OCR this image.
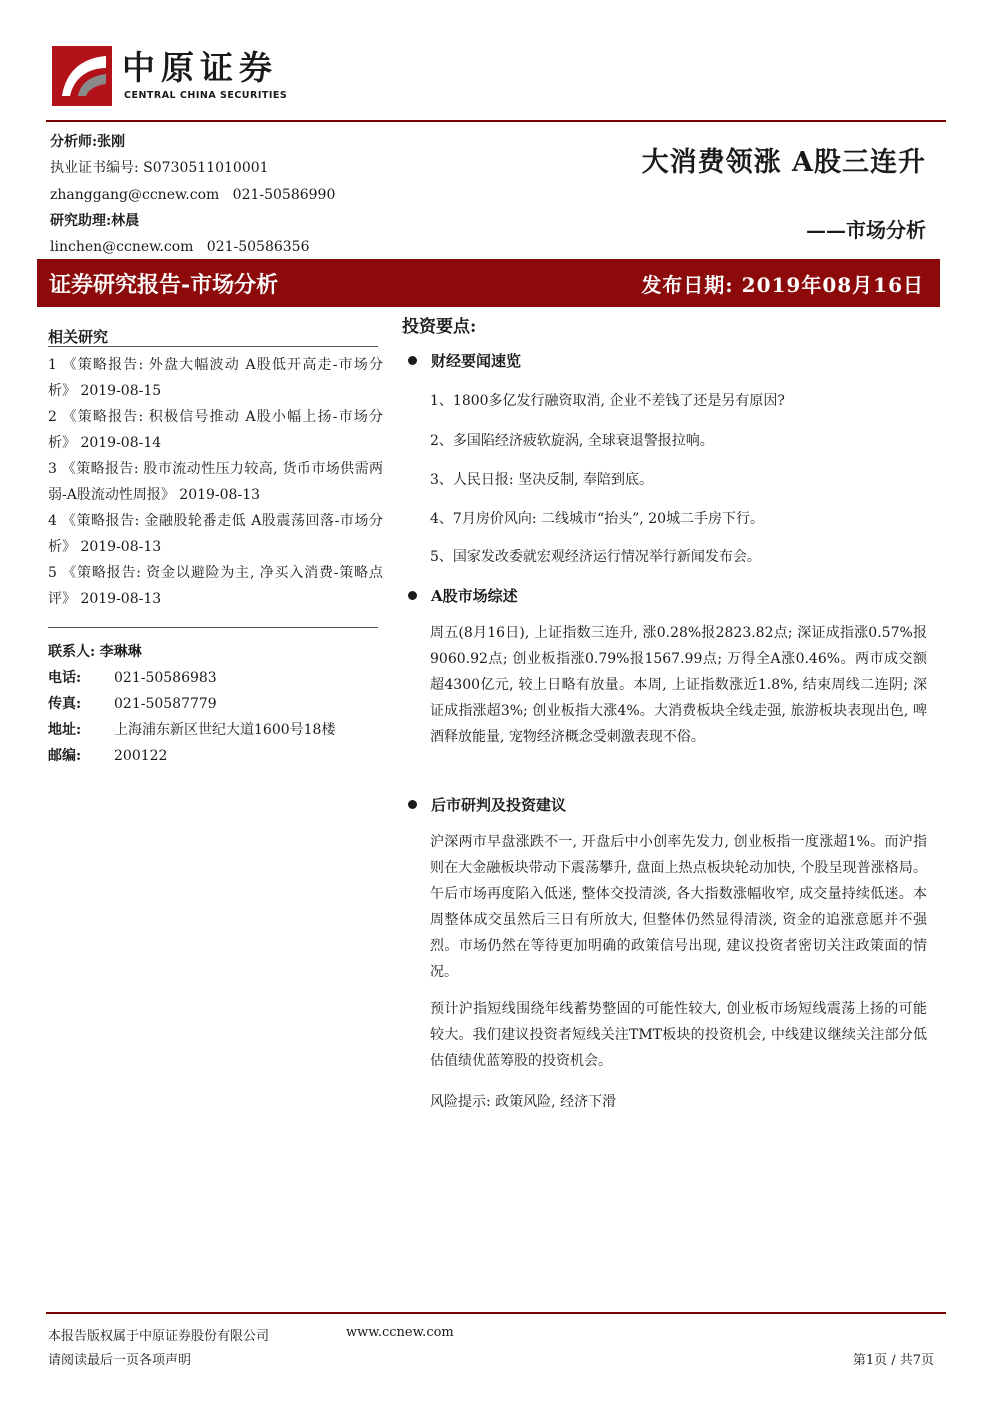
中原证券
CENTRAL CHINA SECURITIES
分析师:张刚
执业证书编号: S0730511010001
zhanggang@ccnew.com   021-50586990
研究助理:林晨
linchen@ccnew.com   021-50586356
大消费领涨 A股三连升
——市场分析
证券研究报告-市场分析	发布日期: 2019年08月16日
相关研究
1 《策略报告: 外盘大幅波动 A股低开高走-市场分析》 2019-08-15
2 《策略报告: 积极信号推动 A股小幅上扬-市场分析》 2019-08-14
3 《策略报告: 股市流动性压力较高, 货币市场供需两弱-A股流动性周报》 2019-08-13
4 《策略报告: 金融股轮番走低 A股震荡回落-市场分析》 2019-08-13
5 《策略报告: 资金以避险为主, 净买入消费-策略点评》 2019-08-13
联系人: 李琳琳
电话: 021-50586983
传真: 021-50587779
地址: 上海浦东新区世纪大道1600号18楼
邮编: 200122
投资要点:
财经要闻速览
1、1800多亿发行融资取消, 企业不差钱了还是另有原因?
2、多国陷经济疲软旋涡, 全球衰退警报拉响。
3、人民日报: 坚决反制, 奉陪到底。
4、7月房价风向: 二线城市“抬头”, 20城二手房下行。
5、国家发改委就宏观经济运行情况举行新闻发布会。
A股市场综述
周五(8月16日), 上证指数三连升, 涨0.28%报2823.82点; 深证成指涨0.57%报9060.92点; 创业板指涨0.79%报1567.99点; 万得全A涨0.46%。两市成交额超4300亿元, 较上日略有放量。本周, 上证指数涨近1.8%, 结束周线二连阴; 深证成指涨超3%; 创业板指大涨4%。大消费板块全线走强, 旅游板块表现出色, 啤酒释放能量, 宠物经济概念受刺激表现不俗。
后市研判及投资建议
沪深两市早盘涨跌不一, 开盘后中小创率先发力, 创业板指一度涨超1%。而沪指则在大金融板块带动下震荡攀升, 盘面上热点板块轮动加快, 个股呈现普涨格局。午后市场再度陷入低迷, 整体交投清淡, 各大指数涨幅收窄, 成交量持续低迷。本周整体成交虽然后三日有所放大, 但整体仍然显得清淡, 资金的追涨意愿并不强烈。市场仍然在等待更加明确的政策信号出现, 建议投资者密切关注政策面的情况。
预计沪指短线围绕年线蓄势整固的可能性较大, 创业板市场短线震荡上扬的可能较大。我们建议投资者短线关注TMT板块的投资机会, 中线建议继续关注部分低估值绩优蓝筹股的投资机会。
风险提示: 政策风险, 经济下滑
本报告版权属于中原证券股份有限公司	www.ccnew.com
请阅读最后一页各项声明	第1页 / 共7页
